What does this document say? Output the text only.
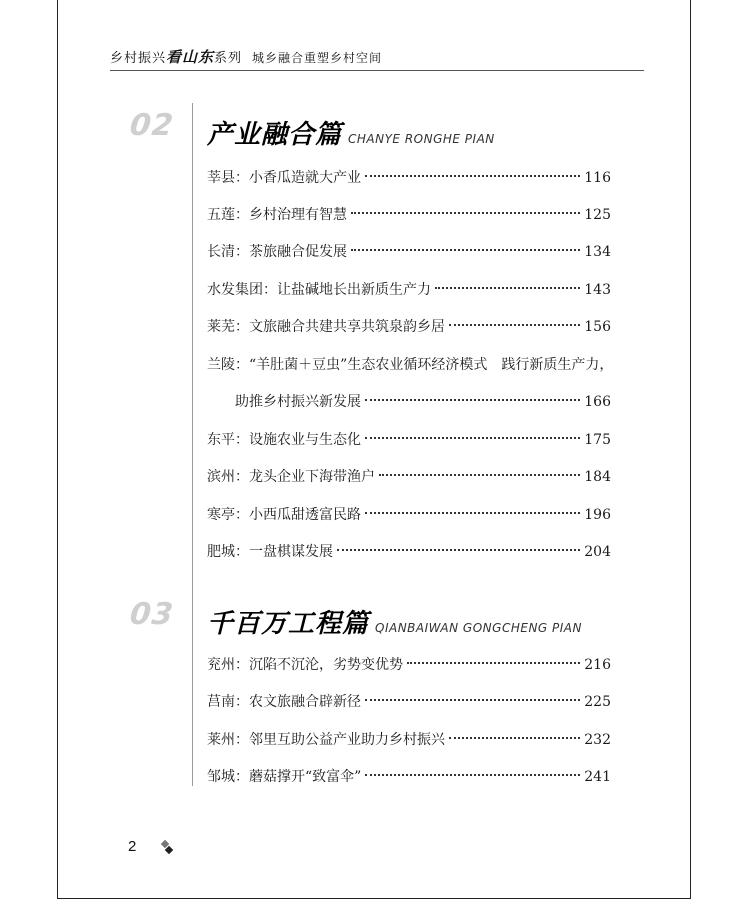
乡村振兴看山东系列 城乡融合重塑乡村空间
02 产业融合篇 CHANYE RONGHE PIAN
莘县：小香瓜造就大产业	116
五莲：乡村治理有智慧	125
长清：茶旅融合促发展	134
水发集团：让盐碱地长出新质生产力	143
莱芜：文旅融合共建共享共筑泉韵乡居	156
兰陵：“羊肚菌＋豆虫”生态农业循环经济模式　践行新质生产力，
助推乡村振兴新发展	166
东平：设施农业与生态化	175
滨州：龙头企业下海带渔户	184
寒亭：小西瓜甜透富民路	196
肥城：一盘棋谋发展	204
03 千百万工程篇 QIANBAIWAN GONGCHENG PIAN
兖州：沉陷不沉沦，劣势变优势	216
莒南：农文旅融合辟新径	225
莱州：邻里互助公益产业助力乡村振兴	232
邹城：蘑菇撑开“致富伞”	241
2
